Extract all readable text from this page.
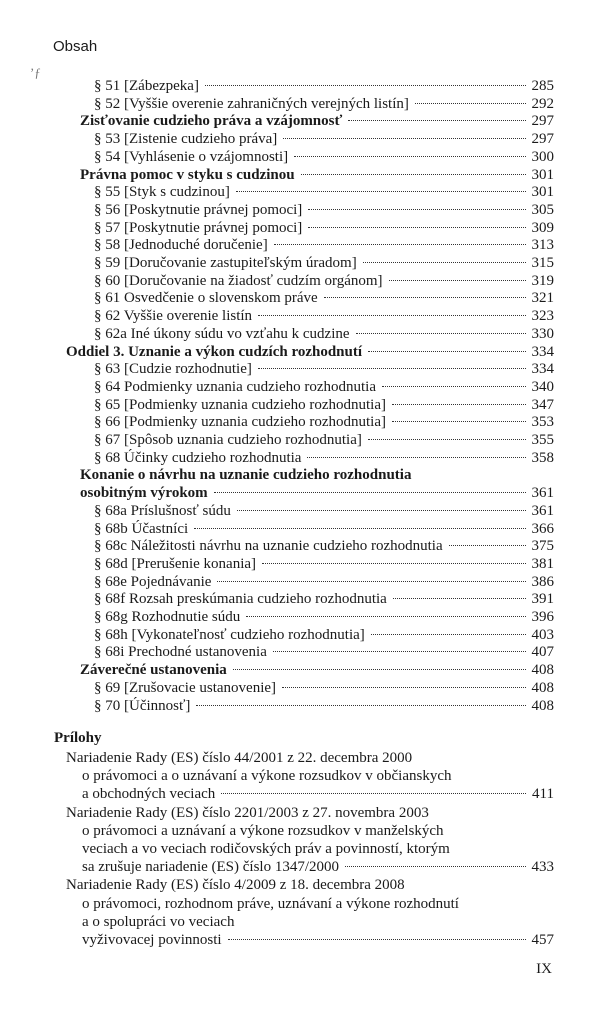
Obsah
’ƒ
§ 51 [Zábezpeka]	285
§ 52 [Vyššie overenie zahraničných verejných listín]	292
Zisťovanie cudzieho práva a vzájomnosť	297
§ 53 [Zistenie cudzieho práva]	297
§ 54 [Vyhlásenie o vzájomnosti]	300
Právna pomoc v styku s cudzinou	301
§ 55 [Styk s cudzinou]	301
§ 56 [Poskytnutie právnej pomoci]	305
§ 57 [Poskytnutie právnej pomoci]	309
§ 58 [Jednoduché doručenie]	313
§ 59 [Doručovanie zastupiteľským úradom]	315
§ 60 [Doručovanie na žiadosť cudzím orgánom]	319
§ 61 Osvedčenie o slovenskom práve	321
§ 62 Vyššie overenie listín	323
§ 62a Iné úkony súdu vo vzťahu k cudzine	330
Oddiel 3. Uznanie a výkon cudzích rozhodnutí	334
§ 63 [Cudzie rozhodnutie]	334
§ 64 Podmienky uznania cudzieho rozhodnutia	340
§ 65 [Podmienky uznania cudzieho rozhodnutia]	347
§ 66 [Podmienky uznania cudzieho rozhodnutia]	353
§ 67 [Spôsob uznania cudzieho rozhodnutia]	355
§ 68 Účinky cudzieho rozhodnutia	358
Konanie o návrhu na uznanie cudzieho rozhodnutia
osobitným výrokom	361
§ 68a Príslušnosť súdu	361
§ 68b Účastníci	366
§ 68c Náležitosti návrhu na uznanie cudzieho rozhodnutia	375
§ 68d [Prerušenie konania]	381
§ 68e Pojednávanie	386
§ 68f Rozsah preskúmania cudzieho rozhodnutia	391
§ 68g Rozhodnutie súdu	396
§ 68h [Vykonateľnosť cudzieho rozhodnutia]	403
§ 68i Prechodné ustanovenia	407
Záverečné ustanovenia	408
§ 69 [Zrušovacie ustanovenie]	408
§ 70 [Účinnosť]	408
Prílohy
Nariadenie Rady (ES) číslo 44/2001 z 22. decembra 2000
o právomoci a o uznávaní a výkone rozsudkov v občianskych
a obchodných veciach	411
Nariadenie Rady (ES) číslo 2201/2003 z 27. novembra 2003
o právomoci a uznávaní a výkone rozsudkov v manželských
veciach a vo veciach rodičovských práv a povinností, ktorým
sa zrušuje nariadenie (ES) číslo 1347/2000	433
Nariadenie Rady (ES) číslo 4/2009 z 18. decembra 2008
o právomoci, rozhodnom práve, uznávaní a výkone rozhodnutí
a o spolupráci vo veciach
vyživovacej povinnosti	457
IX
